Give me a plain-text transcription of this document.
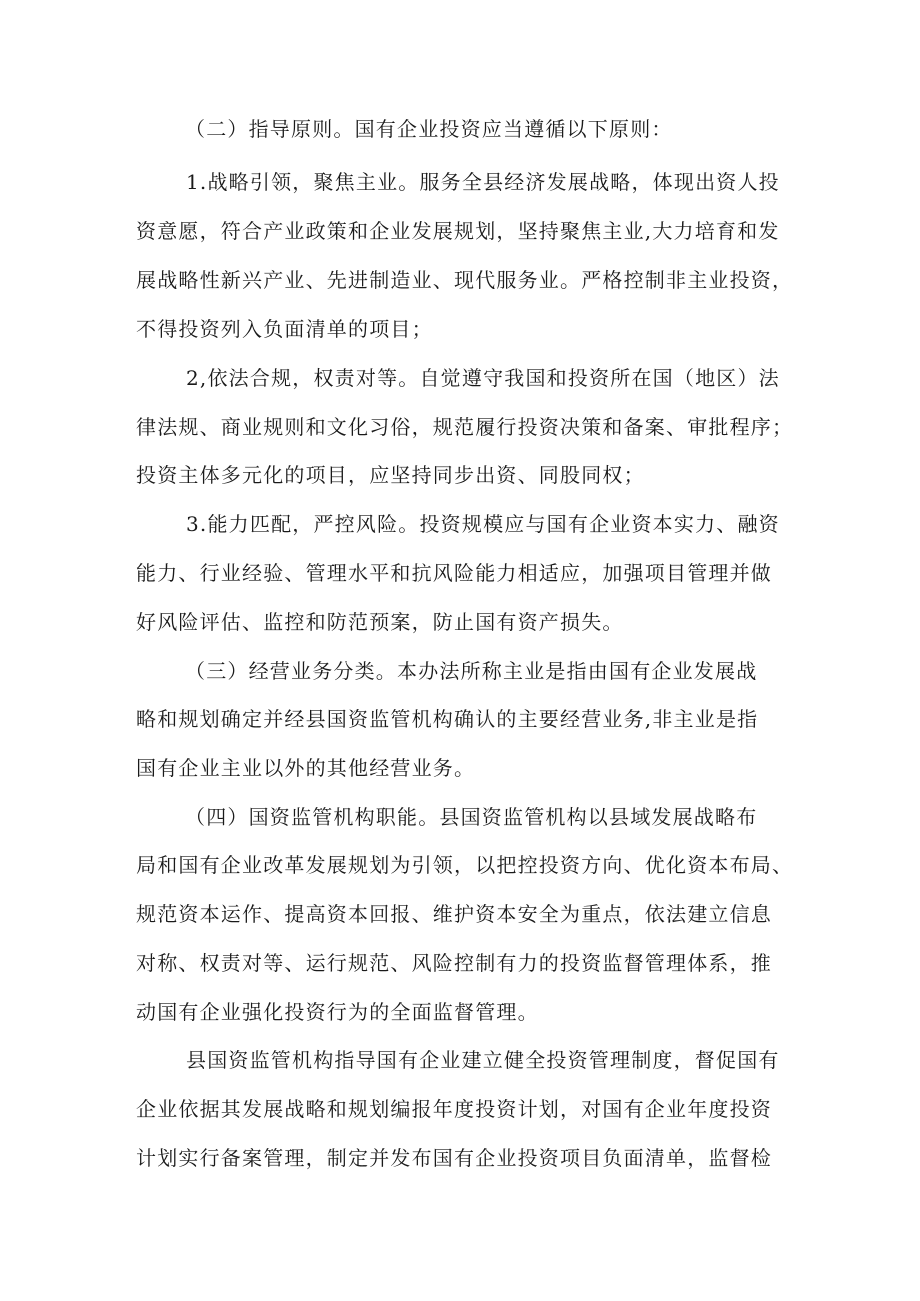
（二）指导原则。国有企业投资应当遵循以下原则：
1.战略引领，聚焦主业。服务全县经济发展战略，体现出资人投
资意愿，符合产业政策和企业发展规划，坚持聚焦主业,大力培育和发
展战略性新兴产业、先进制造业、现代服务业。严格控制非主业投资，
不得投资列入负面清单的项目；
2,依法合规，权责对等。自觉遵守我国和投资所在国（地区）法
律法规、商业规则和文化习俗，规范履行投资决策和备案、审批程序；
投资主体多元化的项目，应坚持同步出资、同股同权；
3.能力匹配，严控风险。投资规模应与国有企业资本实力、融资
能力、行业经验、管理水平和抗风险能力相适应，加强项目管理并做
好风险评估、监控和防范预案，防止国有资产损失。
（三）经营业务分类。本办法所称主业是指由国有企业发展战
略和规划确定并经县国资监管机构确认的主要经营业务,非主业是指
国有企业主业以外的其他经营业务。
（四）国资监管机构职能。县国资监管机构以县域发展战略布
局和国有企业改革发展规划为引领，以把控投资方向、优化资本布局、
规范资本运作、提高资本回报、维护资本安全为重点，依法建立信息
对称、权责对等、运行规范、风险控制有力的投资监督管理体系，推
动国有企业强化投资行为的全面监督管理。
县国资监管机构指导国有企业建立健全投资管理制度，督促国有
企业依据其发展战略和规划编报年度投资计划，对国有企业年度投资
计划实行备案管理，制定并发布国有企业投资项目负面清单，监督检
